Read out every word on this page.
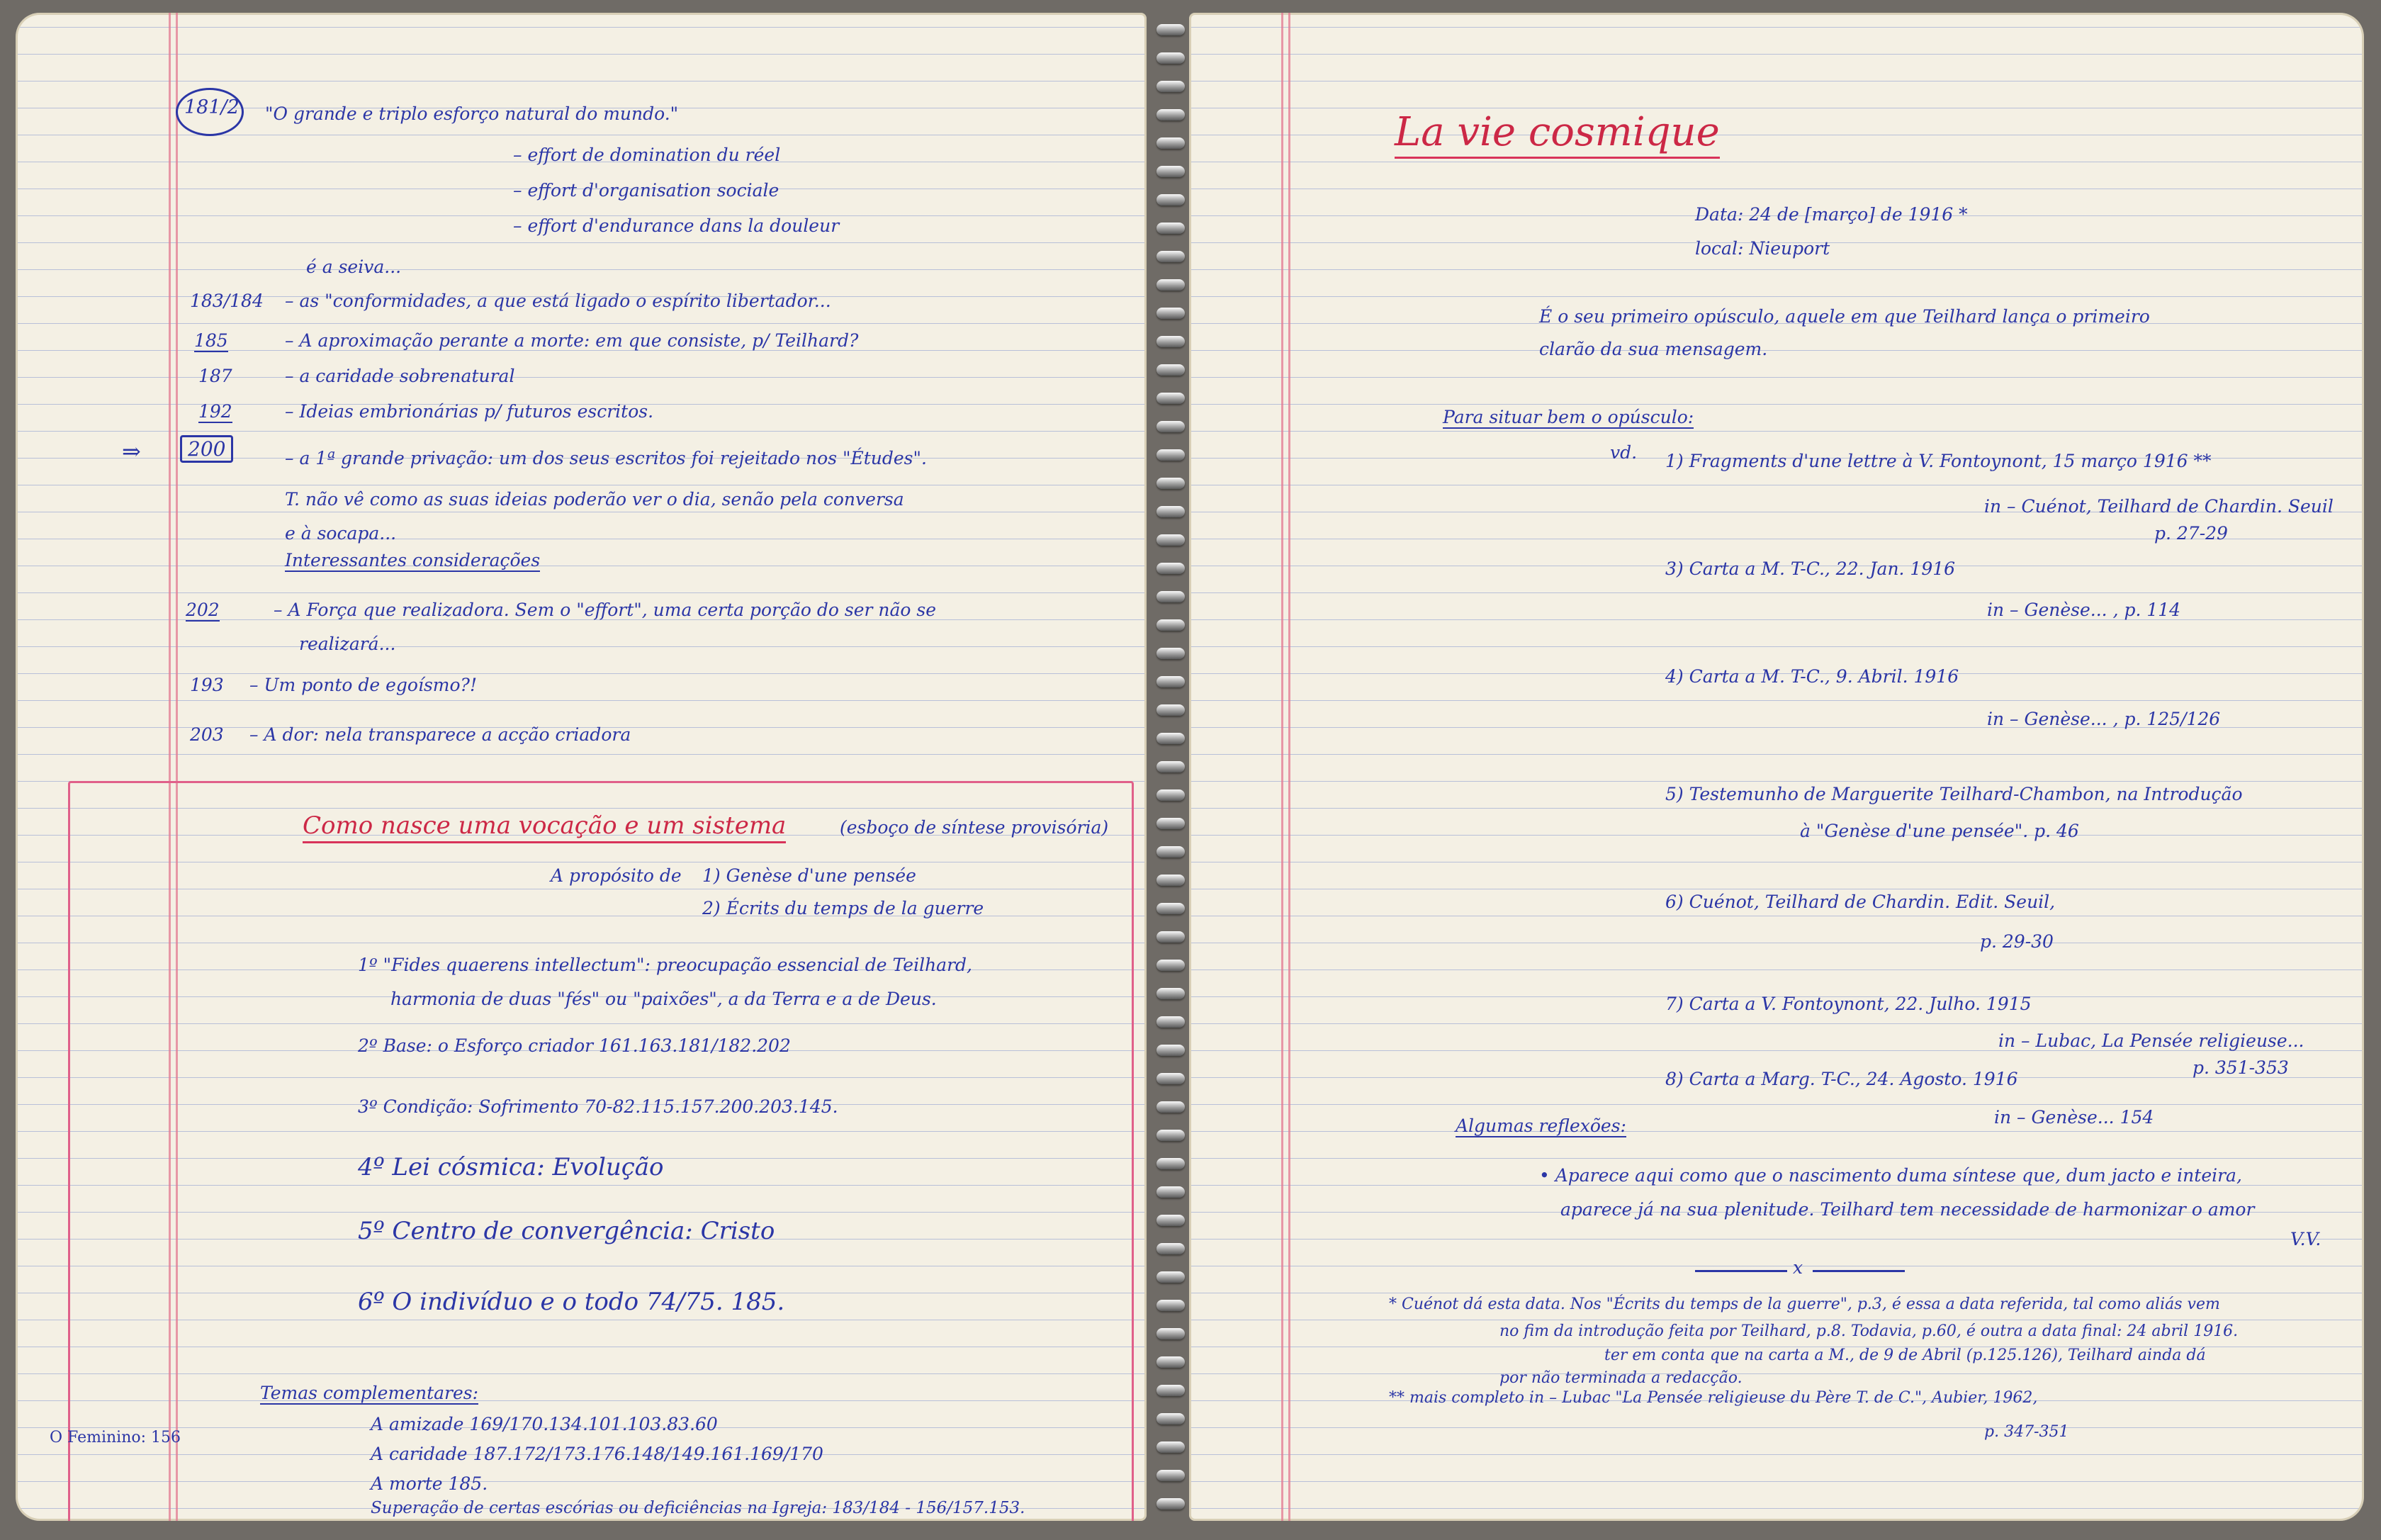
181/2 "O grande e triplo esforço natural do mundo."
– effort de domination du réel
– effort d'organisation sociale
– effort d'endurance dans la douleur
é a seiva...
183/184 – as "conformidades, a que está ligado o espírito libertador...
185	– A aproximação perante a morte: em que consiste, p/ Teilhard?
187	– a caridade sobrenatural
192	– Ideias embrionárias p/ futuros escritos.
⇒	200	– a 1ª grande privação: um dos seus escritos foi rejeitado nos "Études".
T. não vê como as suas ideias poderão ver o dia, senão pela conversa
e à socapa...
Interessantes considerações
202	– A Força que realizadora. Sem o "effort", uma certa porção do ser não se
realizará...
193 – Um ponto de egoísmo?!
203 – A dor: nela transparece a acção criadora
Como nasce uma vocação e um sistema	(esboço de síntese provisória)
A propósito de 1) Genèse d'une pensée
2) Écrits du temps de la guerre
1º "Fides quaerens intellectum": preocupação essencial de Teilhard,
harmonia de duas "fés" ou "paixões", a da Terra e a de Deus.
2º Base: o Esforço criador 161.163.181/182.202
3º Condição: Sofrimento 70-82.115.157.200.203.145.
4º Lei cósmica: Evolução
5º Centro de convergência: Cristo
6º O indivíduo e o todo 74/75. 185.
Temas complementares:
A amizade 169/170.134.101.103.83.60
A caridade 187.172/173.176.148/149.161.169/170
A morte 185.
Superação de certas escórias ou deficiências na Igreja: 183/184 - 156/157.153.
O Feminino: 156
La vie cosmique
Data: 24 de [março] de 1916 *
local: Nieuport
É o seu primeiro opúsculo, aquele em que Teilhard lança o primeiro
clarão da sua mensagem.
Para situar bem o opúsculo:
vd. 1) Fragments d'une lettre à V. Fontoynont, 15 março 1916 **
in – Cuénot, Teilhard de Chardin. Seuil
p. 27-29
3) Carta a M. T-C., 22. Jan. 1916
in – Genèse... , p. 114
4) Carta a M. T-C., 9. Abril. 1916
in – Genèse... , p. 125/126
5) Testemunho de Marguerite Teilhard-Chambon, na Introdução
à "Genèse d'une pensée". p. 46
6) Cuénot, Teilhard de Chardin. Edit. Seuil,
p. 29-30
7) Carta a V. Fontoynont, 22. Julho. 1915
in – Lubac, La Pensée religieuse...
p. 351-353
8) Carta a Marg. T-C., 24. Agosto. 1916
in – Genèse... 154
Algumas reflexões:
• Aparece aqui como que o nascimento duma síntese que, dum jacto e inteira,
aparece já na sua plenitude. Teilhard tem necessidade de harmonizar o amor
V.V.
x
* Cuénot dá esta data. Nos "Écrits du temps de la guerre", p.3, é essa a data referida, tal como aliás vem
no fim da introdução feita por Teilhard, p.8. Todavia, p.60, é outra a data final: 24 abril 1916.
ter em conta que na carta a M., de 9 de Abril (p.125.126), Teilhard ainda dá
por não terminada a redacção.
** mais completo in – Lubac "La Pensée religieuse du Père T. de C.", Aubier, 1962,
p. 347-351
